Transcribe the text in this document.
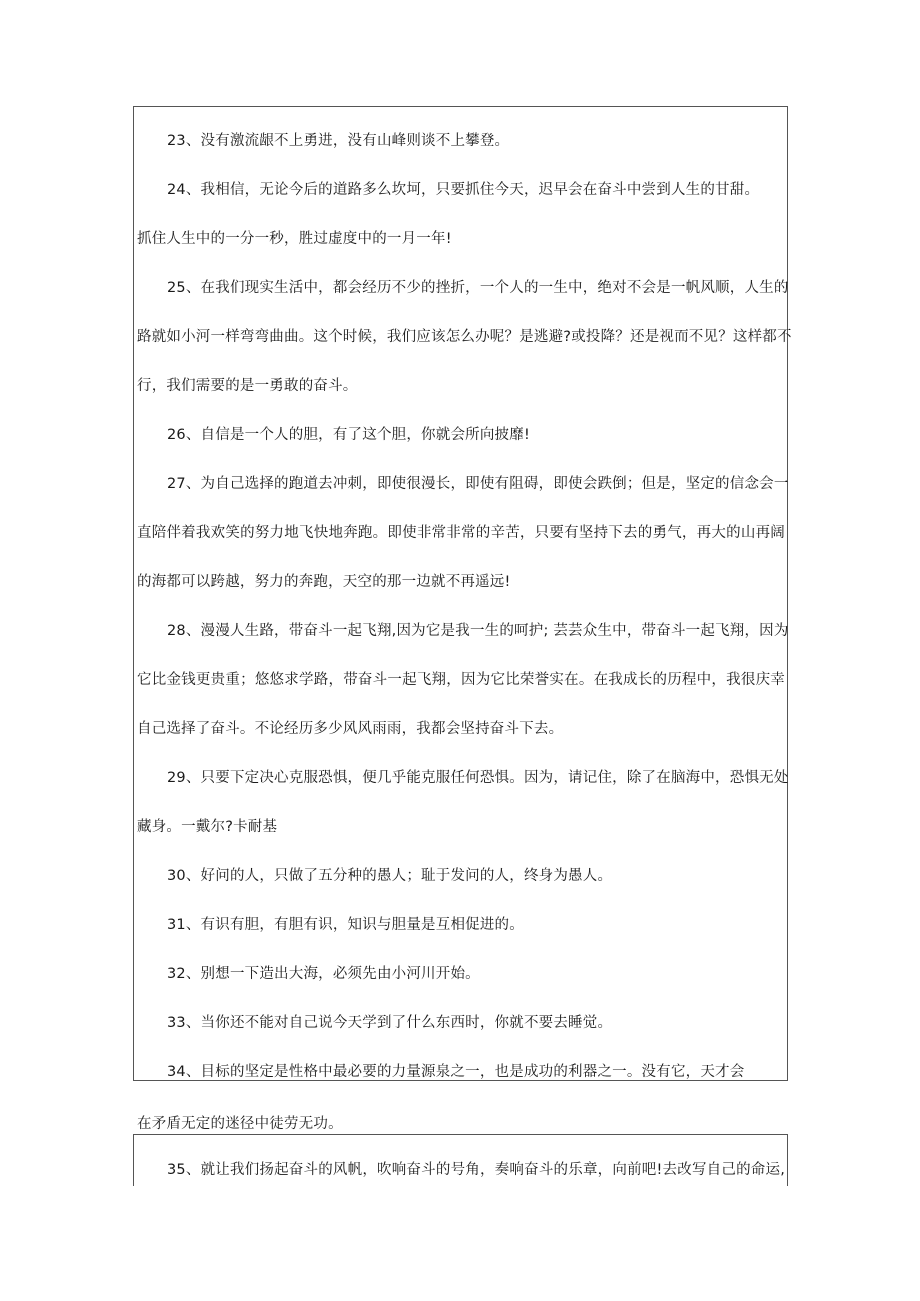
23、没有激流龈不上勇进，没有山峰则谈不上攀登。
24、我相信，无论今后的道路多么坎坷，只要抓住今天，迟早会在奋斗中尝到人生的甘甜。
抓住人生中的一分一秒，胜过虚度中的一月一年!
25、在我们现实生活中，都会经历不少的挫折，一个人的一生中，绝对不会是一帆风顺，人生的
路就如小河一样弯弯曲曲。这个时候，我们应该怎么办呢？是逃避?或投降？还是视而不见？这样都不
行，我们需要的是一勇敢的奋斗。
26、自信是一个人的胆，有了这个胆，你就会所向披靡!
27、为自己选择的跑道去冲刺，即使很漫长，即使有阻碍，即使会跌倒；但是，坚定的信念会一
直陪伴着我欢笑的努力地飞快地奔跑。即使非常非常的辛苦，只要有坚持下去的勇气，再大的山再阔
的海都可以跨越，努力的奔跑，天空的那一边就不再遥远!
28、漫漫人生路，带奋斗一起飞翔,因为它是我一生的呵护; 芸芸众生中，带奋斗一起飞翔，因为
它比金钱更贵重；悠悠求学路，带奋斗一起飞翔，因为它比荣誉实在。在我成长的历程中，我很庆幸
自己选择了奋斗。不论经历多少风风雨雨，我都会坚持奋斗下去。
29、只要下定决心克服恐惧，便几乎能克服任何恐惧。因为，请记住，除了在脑海中，恐惧无处
藏身。一戴尔?卡耐基
30、好问的人，只做了五分种的愚人；耻于发问的人，终身为愚人。
31、有识有胆，有胆有识，知识与胆量是互相促进的。
32、别想一下造出大海，必须先由小河川开始。
33、当你还不能对自己说今天学到了什么东西时，你就不要去睡觉。
34、目标的坚定是性格中最必要的力量源泉之一，也是成功的利器之一。没有它，天才会
在矛盾无定的迷径中徒劳无功。
35、就让我们扬起奋斗的风帆，吹响奋斗的号角，奏响奋斗的乐章，向前吧!去改写自己的命运,
